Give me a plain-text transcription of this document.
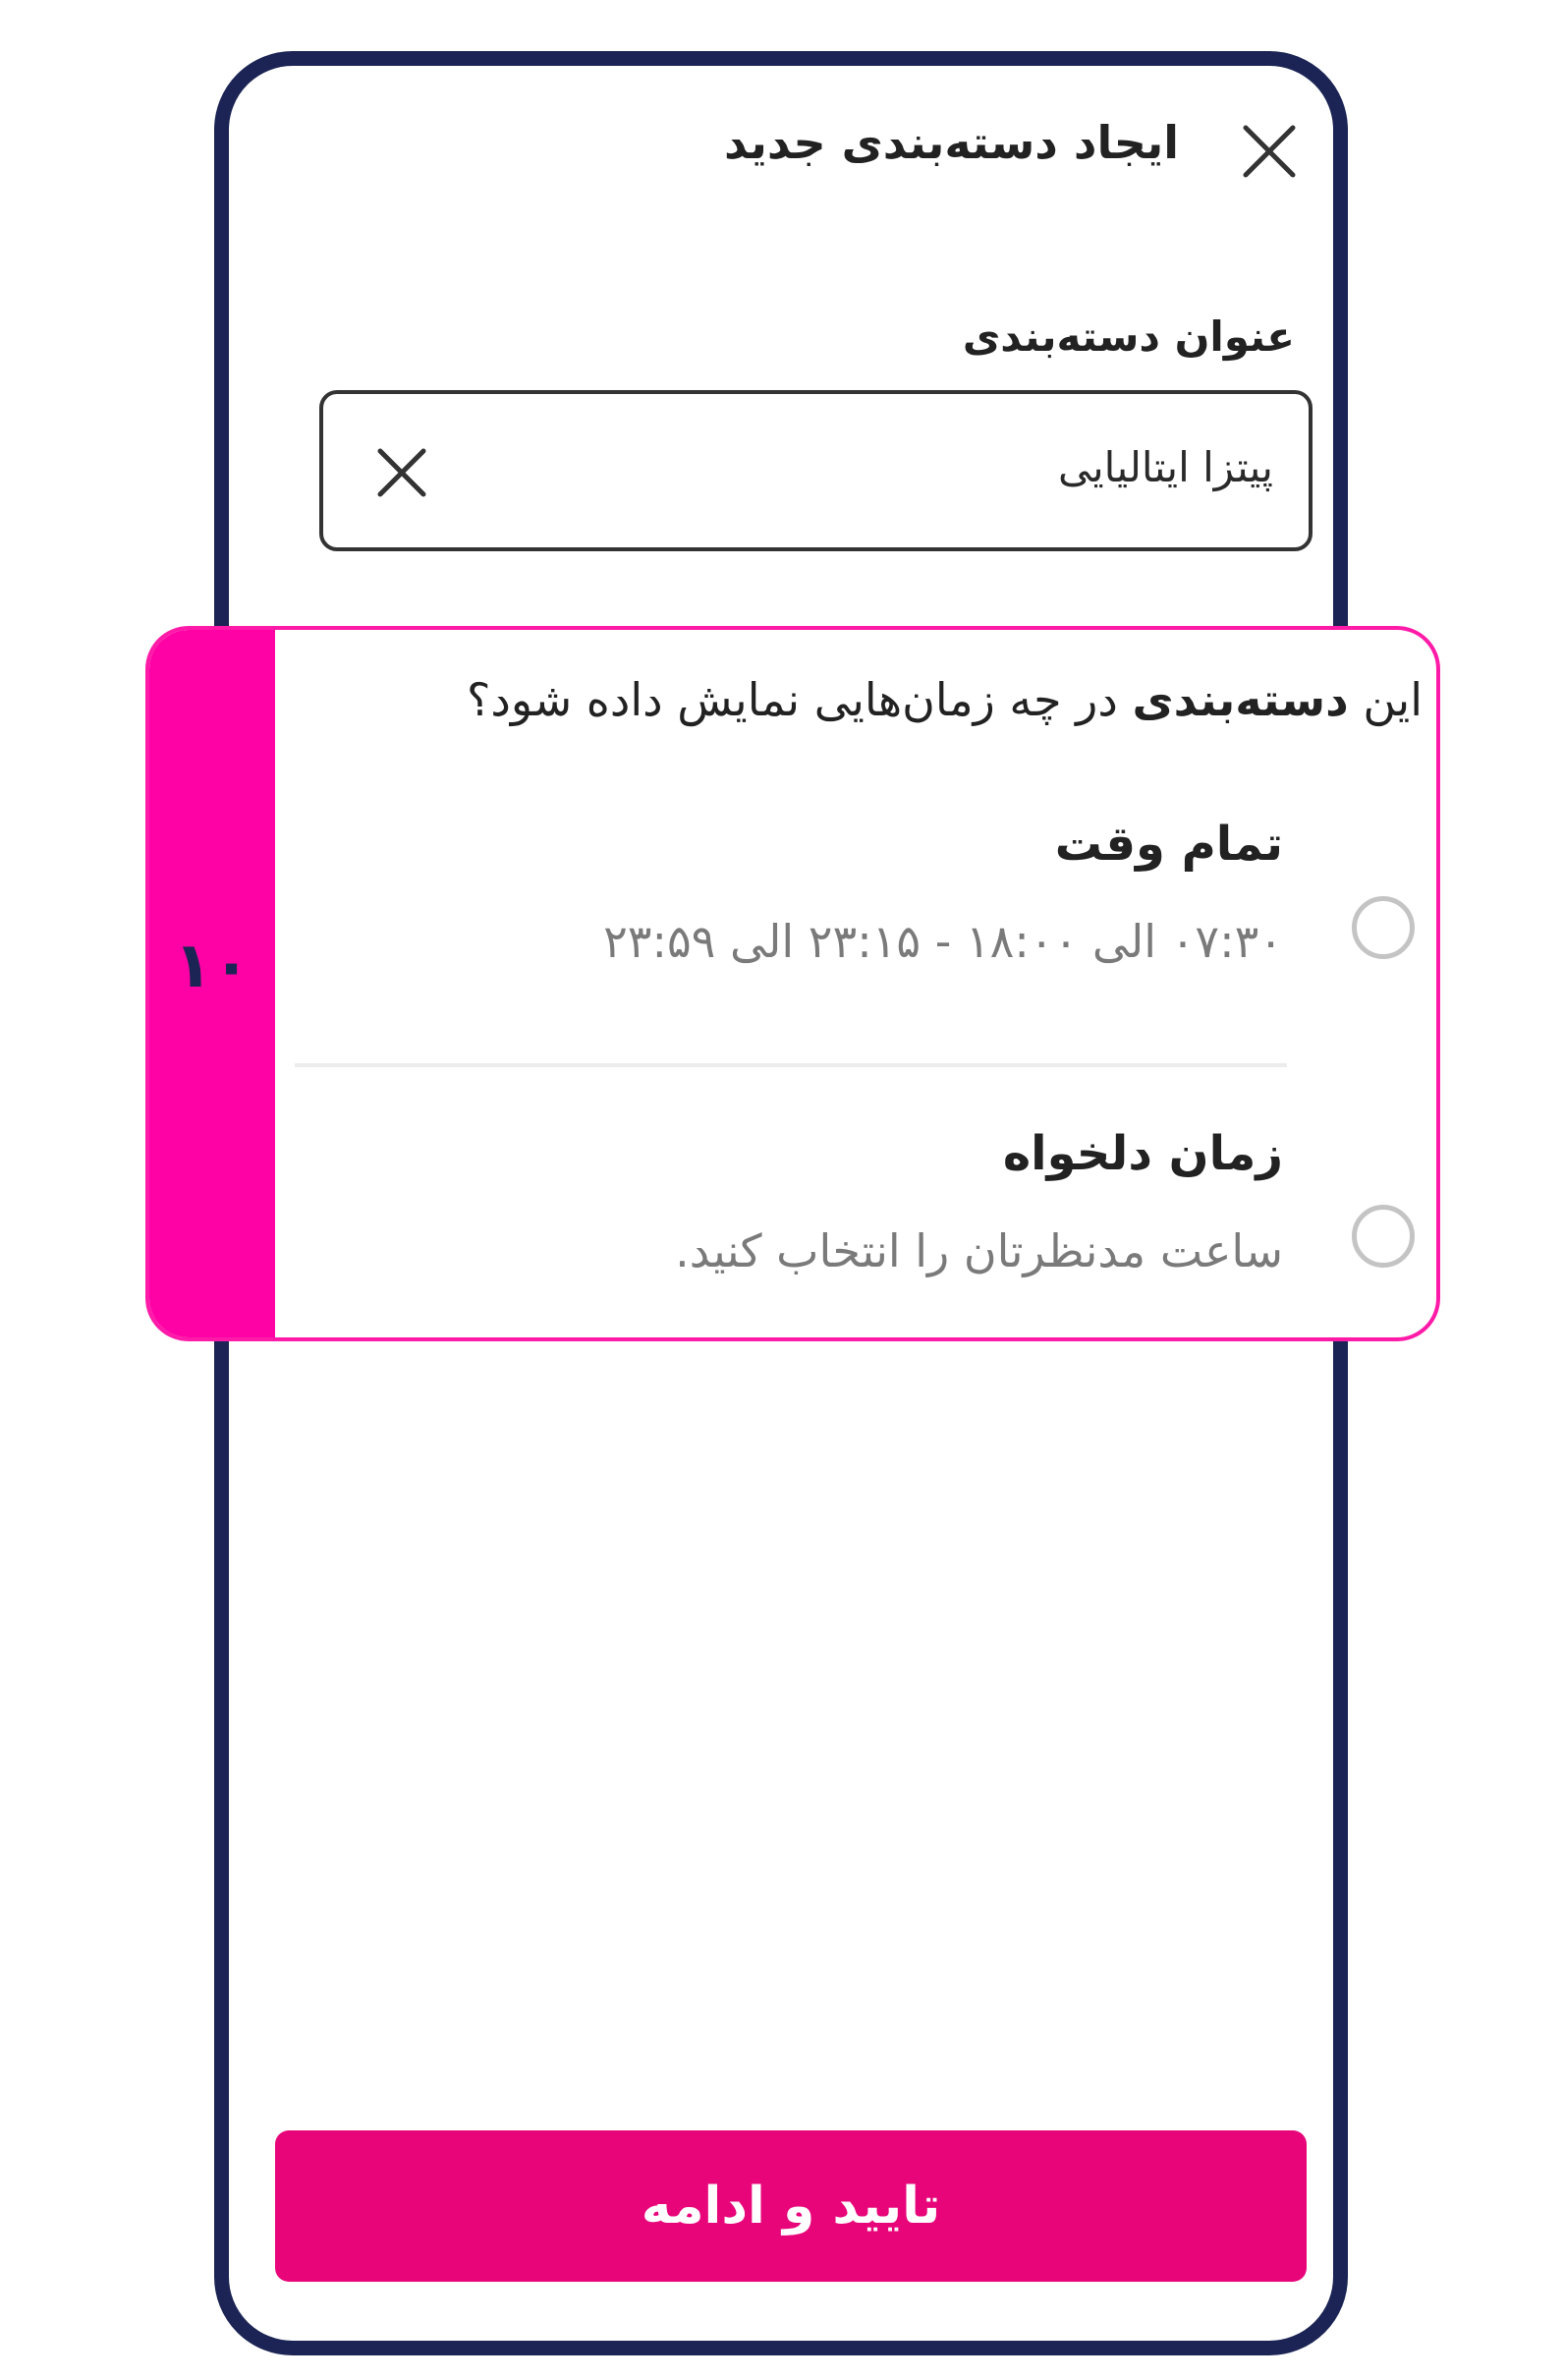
ایجاد دسته‌بندی جدید
عنوان دسته‌بندی
پیتزا ایتالیایی
۱۰
این دسته‌بندی در چه زمان‌هایی نمایش داده شود؟
تمام وقت
۰۷:۳۰ الی ۱۸:۰۰ - ۲۳:۱۵ الی ۲۳:۵۹
زمان دلخواه
ساعت مدنظرتان را انتخاب کنید.
تایید و ادامه
